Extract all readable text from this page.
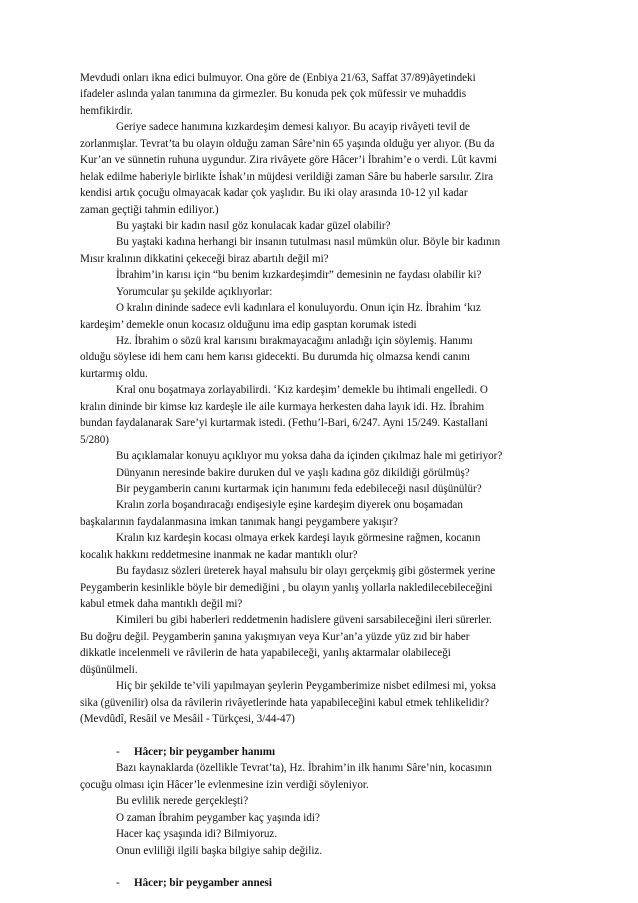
Mevdudi onları ikna edici bulmuyor. Ona göre de (Enbiya 21/63, Saffat 37/89)âyetindeki
ifadeler aslında yalan tanımına da girmezler. Bu konuda pek çok müfessir ve muhaddis
hemfikirdir.
Geriye sadece hanımına kızkardeşim demesi kalıyor. Bu acayip rivâyeti tevil de
zorlanmışlar. Tevrat’ta bu olayın olduğu zaman Sâre’nin 65 yaşında olduğu yer alıyor. (Bu da
Kur’an ve sünnetin ruhuna uygundur. Zira rivâyete göre Hâcer’i İbrahim’e o verdi. Lût kavmi
helak edilme haberiyle birlikte İshak’ın müjdesi verildiği zaman Sâre bu haberle sarsılır. Zira
kendisi artık çocuğu olmayacak kadar çok yaşlıdır. Bu iki olay arasında 10-12 yıl kadar
zaman geçtiği tahmin ediliyor.)
Bu yaştaki bir kadın nasıl göz konulacak kadar güzel olabilir?
Bu yaştaki kadına herhangi bir insanın tutulması nasıl mümkün olur. Böyle bir kadının
Mısır kralının dikkatini çekeceği biraz abartılı değil mi?
İbrahim’in karısı için “bu benim kızkardeşimdir” demesinin ne faydası olabilir ki?
Yorumcular şu şekilde açıklıyorlar:
O kralın dininde sadece evli kadınlara el konuluyordu. Onun için Hz. İbrahim ‘kız
kardeşim’ demekle onun kocasız olduğunu ima edip gasptan korumak istedi
Hz. İbrahim o sözü kral karısını bırakmayacağını anladığı için söylemiş. Hanımı
olduğu söylese idi hem canı hem karısı gidecekti. Bu durumda hiç olmazsa kendi canını
kurtarmış oldu.
Kral onu boşatmaya zorlayabilirdi. ‘Kız kardeşim’ demekle bu ihtimali engelledi. O
kralın dininde bir kimse kız kardeşle ile aile kurmaya herkesten daha layık idi. Hz. İbrahim
bundan faydalanarak Sare’yi kurtarmak istedi. (Fethu’l-Bari, 6/247. Ayni 15/249. Kastallani
5/280)
Bu açıklamalar konuyu açıklıyor mu yoksa daha da içinden çıkılmaz hale mi getiriyor?
Dünyanın neresinde bakire duruken dul ve yaşlı kadına göz dikildiği görülmüş?
Bir peygamberin canını kurtarmak için hanımını feda edebileceği nasıl düşünülür?
Kralın zorla boşandıracağı endişesiyle eşine kardeşim diyerek onu boşamadan
başkalarının faydalanmasına imkan tanımak hangi peygambere yakışır?
Kralın kız kardeşin kocası olmaya erkek kardeşi layık görmesine rağmen, kocanın
kocalık hakkını reddetmesine inanmak ne kadar mantıklı olur?
Bu faydasız sözleri üreterek hayal mahsulu bir olayı gerçekmiş gibi göstermek yerine
Peygamberin kesinlikle böyle bir demediğini , bu olayın yanlış yollarla nakledilecebileceğini
kabul etmek daha mantıklı değil mi?
Kimileri bu gibi haberleri reddetmenin hadislere güveni sarsabileceğini ileri sürerler.
Bu doğru değil. Peygamberin şanına yakışmıyan veya Kur’an’a yüzde yüz zıd bir haber
dikkatle incelenmeli ve râvilerin de hata yapabileceği, yanlış aktarmalar olabileceği
düşünülmeli.
Hiç bir şekilde te’vili yapılmayan şeylerin Peygamberimize nisbet edilmesi mi, yoksa
sika (güvenilir) olsa da râvilerin rivâyetlerinde hata yapabileceğini kabul etmek tehlikelidir?
(Mevdûdî, Resâil ve Mesâil - Türkçesi, 3/44-47)
- Hâcer; bir peygamber hanımı
Bazı kaynaklarda (özellikle Tevrat’ta), Hz. İbrahim’in ilk hanımı Sâre’nin, kocasının
çocuğu olması için Hâcer’le evlenmesine izin verdiği söyleniyor.
Bu evlilik nerede gerçekleşti?
O zaman İbrahim peygamber kaç yaşında idi?
Hacer kaç ysaşında idi? Bilmiyoruz.
Onun evliliği ilgili başka bilgiye sahip değiliz.
- Hâcer; bir peygamber annesi
